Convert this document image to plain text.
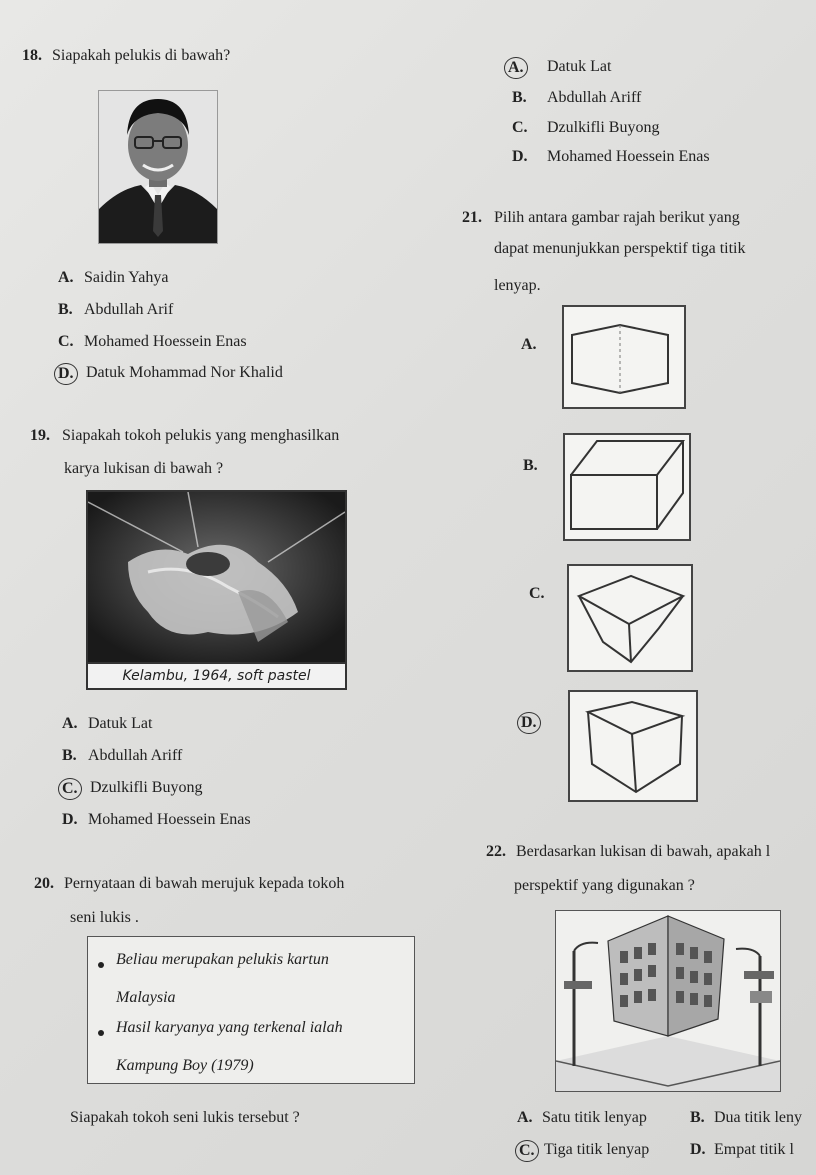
18. Siapakah pelukis di bawah?
A. Saidin Yahya
B. Abdullah Arif
C. Mohamed Hoessein Enas
D. Datuk Mohammad Nor Khalid
19. Siapakah tokoh pelukis yang menghasilkan
karya lukisan di bawah ?
Kelambu, 1964, soft pastel
A. Datuk Lat
B. Abdullah Ariff
C. Dzulkifli Buyong
D. Mohamed Hoessein Enas
20. Pernyataan di bawah merujuk kepada tokoh
seni lukis .
Beliau merupakan pelukis kartun
Malaysia
Hasil karyanya yang terkenal ialah
Kampung Boy (1979)
Siapakah tokoh seni lukis tersebut ?
A. Datuk Lat
B. Abdullah Ariff
C. Dzulkifli Buyong
D. Mohamed Hoessein Enas
21. Pilih antara gambar rajah berikut yang
dapat menunjukkan perspektif tiga titik
lenyap.
A.
B.
C.
D.
22. Berdasarkan lukisan di bawah, apakah l
perspektif yang digunakan ?
A. Satu titik lenyap	B. Dua titik leny
C. Tiga titik lenyap	D. Empat titik l
